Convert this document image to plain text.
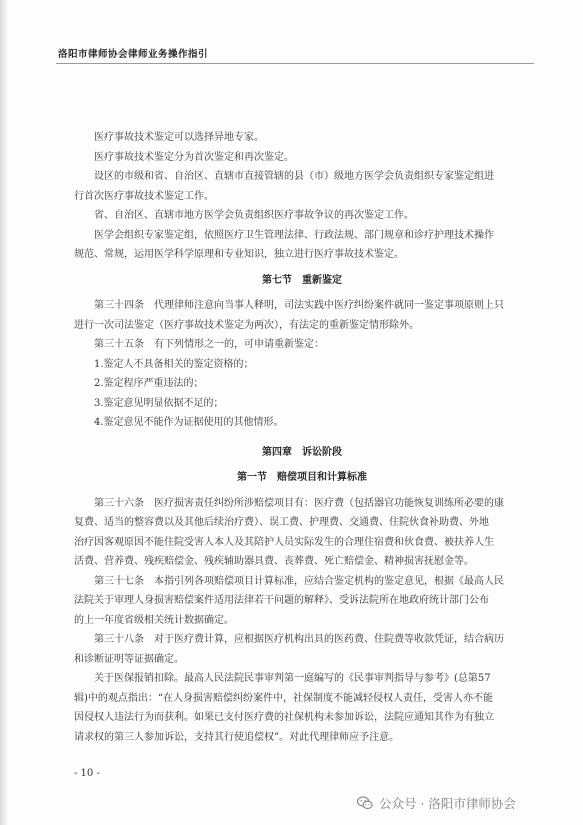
洛阳市律师协会律师业务操作指引

医疗事故技术鉴定可以选择异地专家。

医疗事故技术鉴定分为首次鉴定和再次鉴定。

设区的市级和省、自治区、直辖市直接管辖的县（市）级地方医学会负责组织专家鉴定组进

行首次医疗事故技术鉴定工作。

省、自治区、直辖市地方医学会负责组织医疗事故争议的再次鉴定工作。

医学会组织专家鉴定组，依照医疗卫生管理法律、行政法规、部门规章和诊疗护理技术操作

规范、常规，运用医学科学原理和专业知识，独立进行医疗事故技术鉴定。

第七节　重新鉴定

第三十四条　代理律师注意向当事人释明，司法实践中医疗纠纷案件就同一鉴定事项原则上只

进行一次司法鉴定（医疗事故技术鉴定为两次），有法定的重新鉴定情形除外。

第三十五条　有下列情形之一的，可申请重新鉴定：

1.鉴定人不具备相关的鉴定资格的；

2.鉴定程序严重违法的；

3.鉴定意见明显依据不足的；

4.鉴定意见不能作为证据使用的其他情形。

第四章　诉讼阶段

第一节　赔偿项目和计算标准

第三十六条　医疗损害责任纠纷所涉赔偿项目有：医疗费（包括器官功能恢复训练所必要的康

复费、适当的整容费以及其他后续治疗费）、误工费、护理费、交通费、住院伙食补助费、外地

治疗因客观原因不能住院受害人本人及其陪护人员实际发生的合理住宿费和伙食费、被扶养人生

活费、营养费、残疾赔偿金、残疾辅助器具费、丧葬费、死亡赔偿金、精神损害抚慰金等。

第三十七条　本指引列各项赔偿项目计算标准，应结合鉴定机构的鉴定意见，根据《最高人民

法院关于审理人身损害赔偿案件适用法律若干问题的解释》、受诉法院所在地政府统计部门公布

的上一年度省级相关统计数据确定。

第三十八条　对于医疗费计算，应根据医疗机构出具的医药费、住院费等收款凭证，结合病历

和诊断证明等证据确定。

关于医保报销扣除。最高人民法院民事审判第一庭编写的《民事审判指导与参考》(总第57

辑)中的观点指出：“在人身损害赔偿纠纷案件中，社保制度不能减轻侵权人责任，受害人亦不能

因侵权人违法行为而获利。如果已支付医疗费的社保机构未参加诉讼，法院应通知其作为有独立

请求权的第三人参加诉讼，支持其行使追偿权”。对此代理律师应予注意。

- 10 -
公众号 · 洛阳市律师协会
